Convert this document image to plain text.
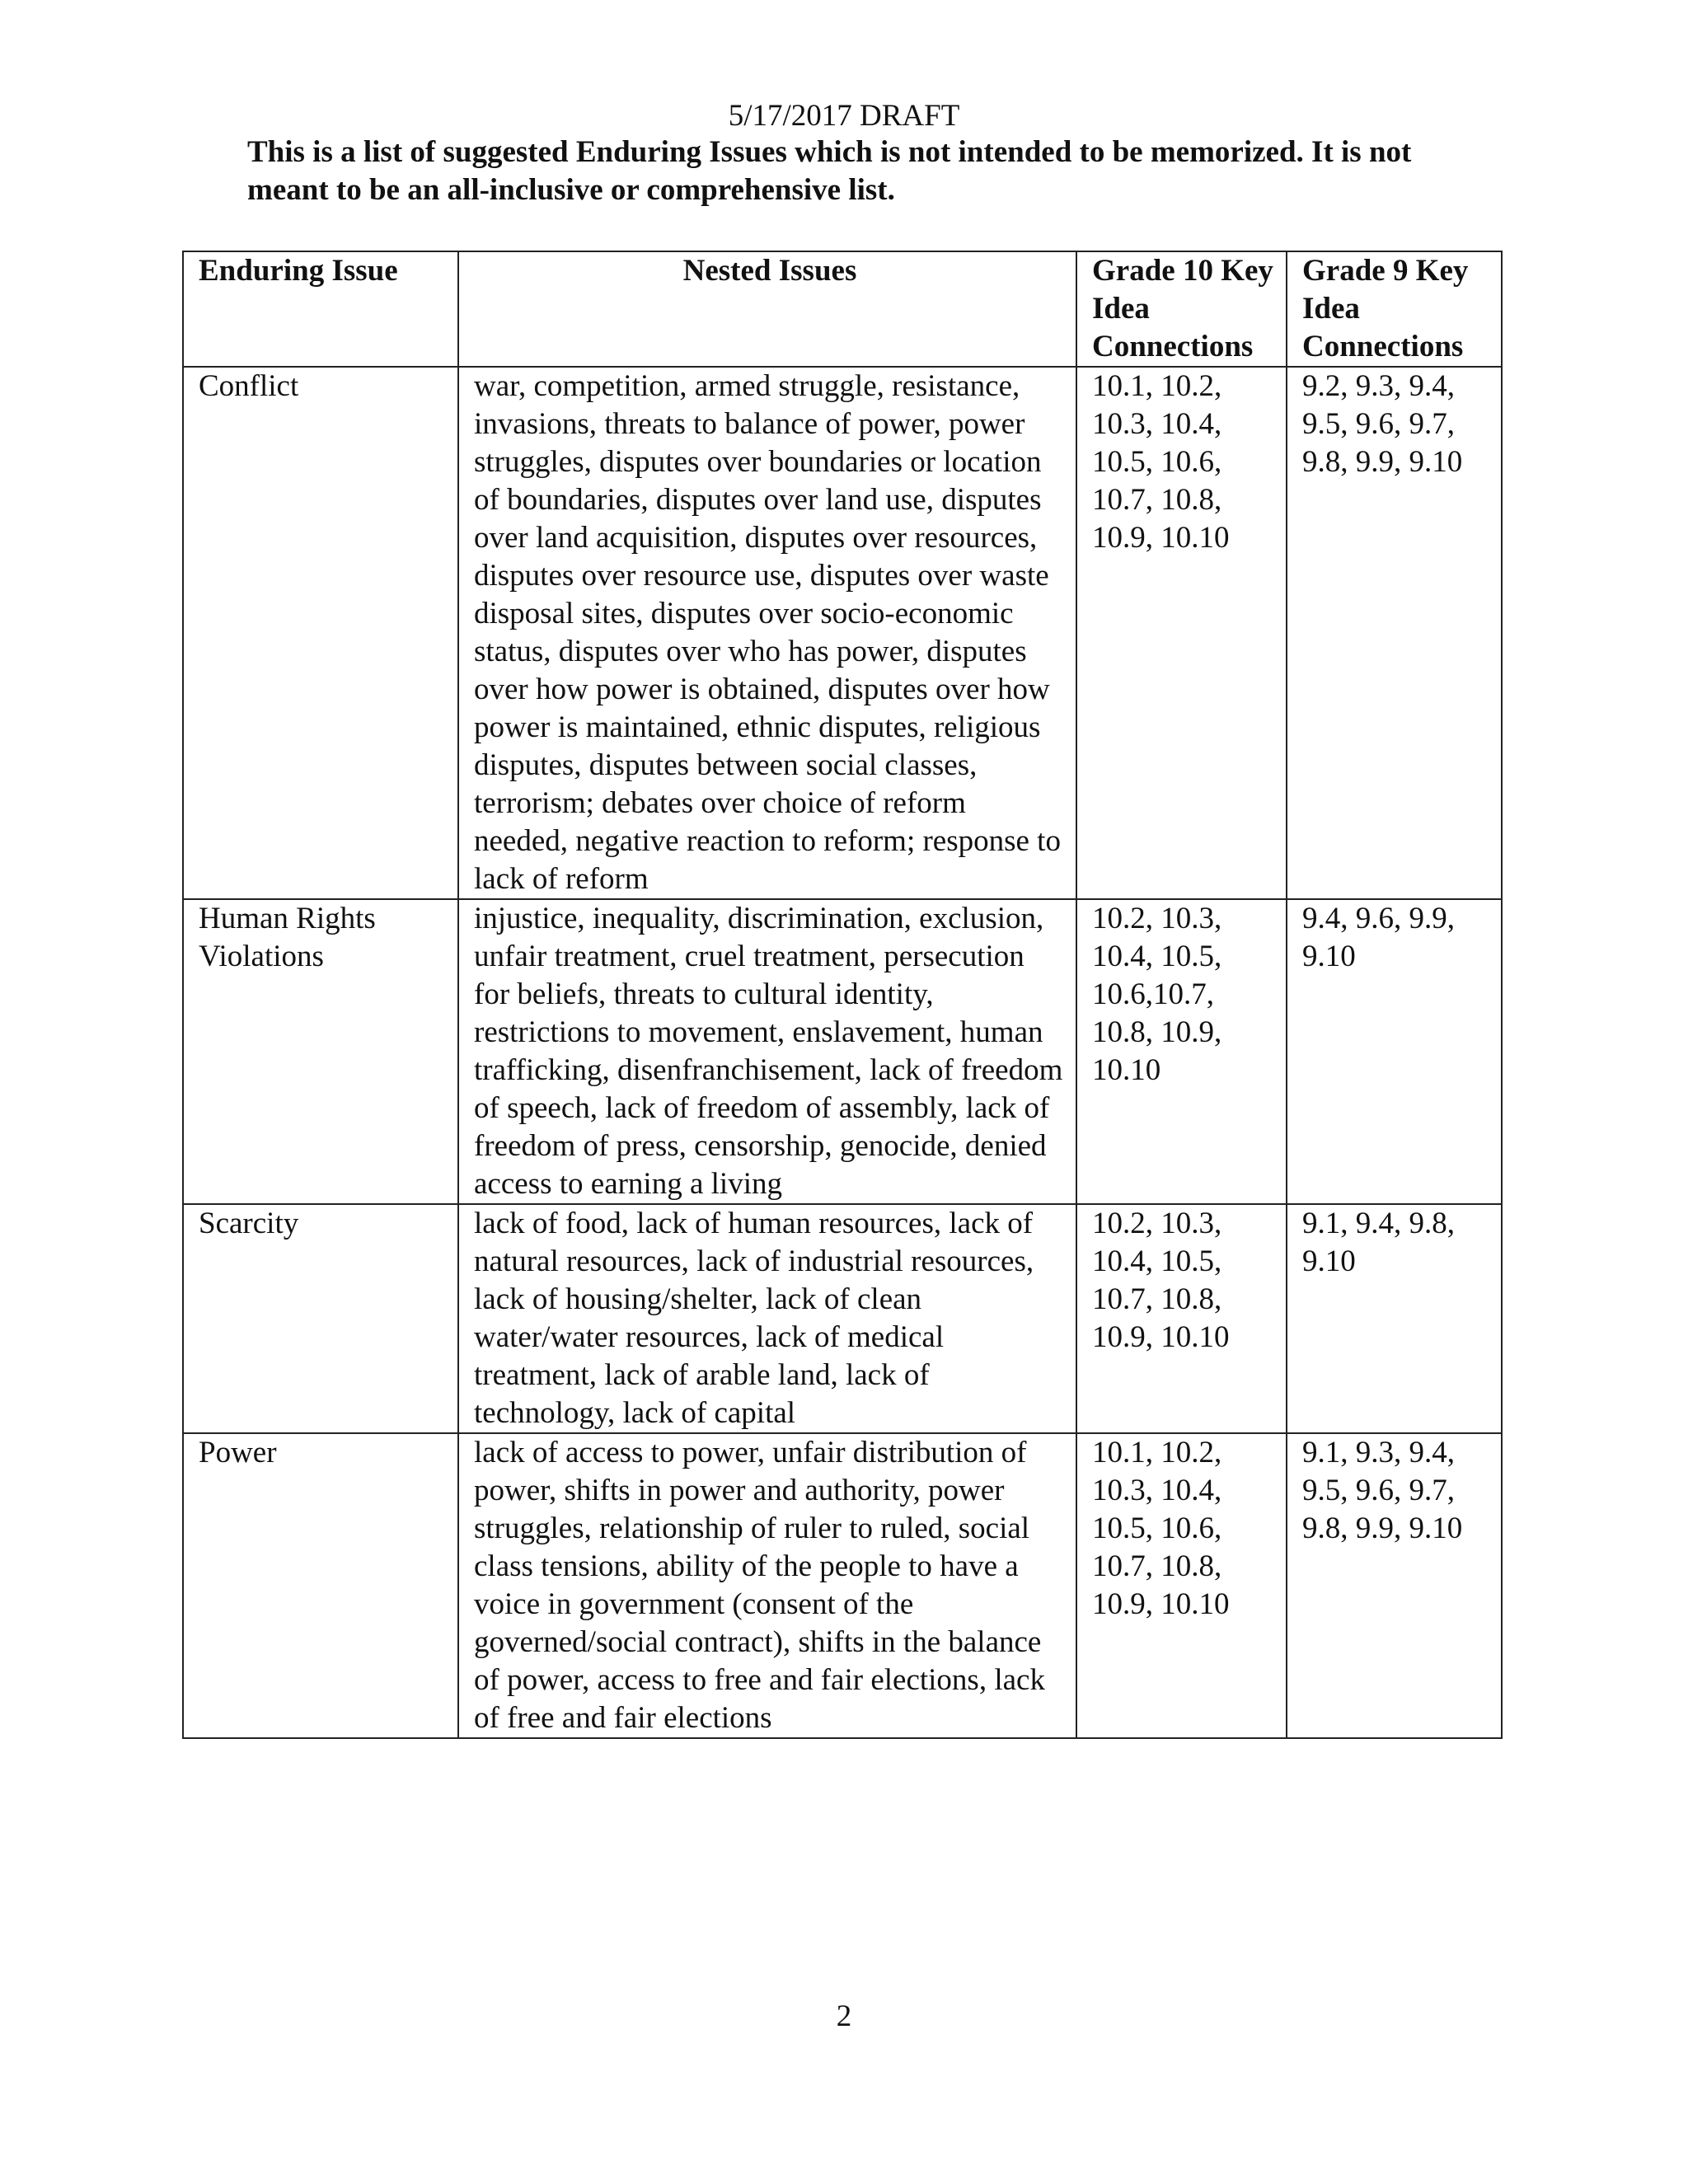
5/17/2017 DRAFT
This is a list of suggested Enduring Issues which is not intended to be memorized. It is not meant to be an all-inclusive or comprehensive list.
Enduring Issue	Nested Issues	Grade 10 Key Idea Connections	Grade 9 Key Idea Connections
Conflict	war, competition, armed struggle, resistance, invasions, threats to balance of power, power struggles, disputes over boundaries or location of boundaries, disputes over land use, disputes over land acquisition, disputes over resources, disputes over resource use, disputes over waste disposal sites, disputes over socio-economic status, disputes over who has power, disputes over how power is obtained, disputes over how power is maintained, ethnic disputes, religious disputes, disputes between social classes, terrorism; debates over choice of reform needed, negative reaction to reform; response to lack of reform	10.1, 10.2, 10.3, 10.4, 10.5, 10.6, 10.7, 10.8, 10.9, 10.10	9.2, 9.3, 9.4, 9.5, 9.6, 9.7, 9.8, 9.9, 9.10
Human Rights Violations	injustice, inequality, discrimination, exclusion, unfair treatment, cruel treatment, persecution for beliefs, threats to cultural identity, restrictions to movement, enslavement, human trafficking, disenfranchisement, lack of freedom of speech, lack of freedom of assembly, lack of freedom of press, censorship, genocide, denied access to earning a living	10.2, 10.3, 10.4, 10.5, 10.6,10.7, 10.8, 10.9, 10.10	9.4, 9.6, 9.9, 9.10
Scarcity	lack of food, lack of human resources, lack of natural resources, lack of industrial resources, lack of housing/shelter, lack of clean water/water resources, lack of medical treatment, lack of arable land, lack of technology, lack of capital	10.2, 10.3, 10.4, 10.5, 10.7, 10.8, 10.9, 10.10	9.1, 9.4, 9.8, 9.10
Power	lack of access to power, unfair distribution of power, shifts in power and authority, power struggles, relationship of ruler to ruled, social class tensions, ability of the people to have a voice in government (consent of the governed/social contract), shifts in the balance of power, access to free and fair elections, lack of free and fair elections	10.1, 10.2, 10.3, 10.4, 10.5, 10.6, 10.7, 10.8, 10.9, 10.10	9.1, 9.3, 9.4, 9.5, 9.6, 9.7, 9.8, 9.9, 9.10
2
